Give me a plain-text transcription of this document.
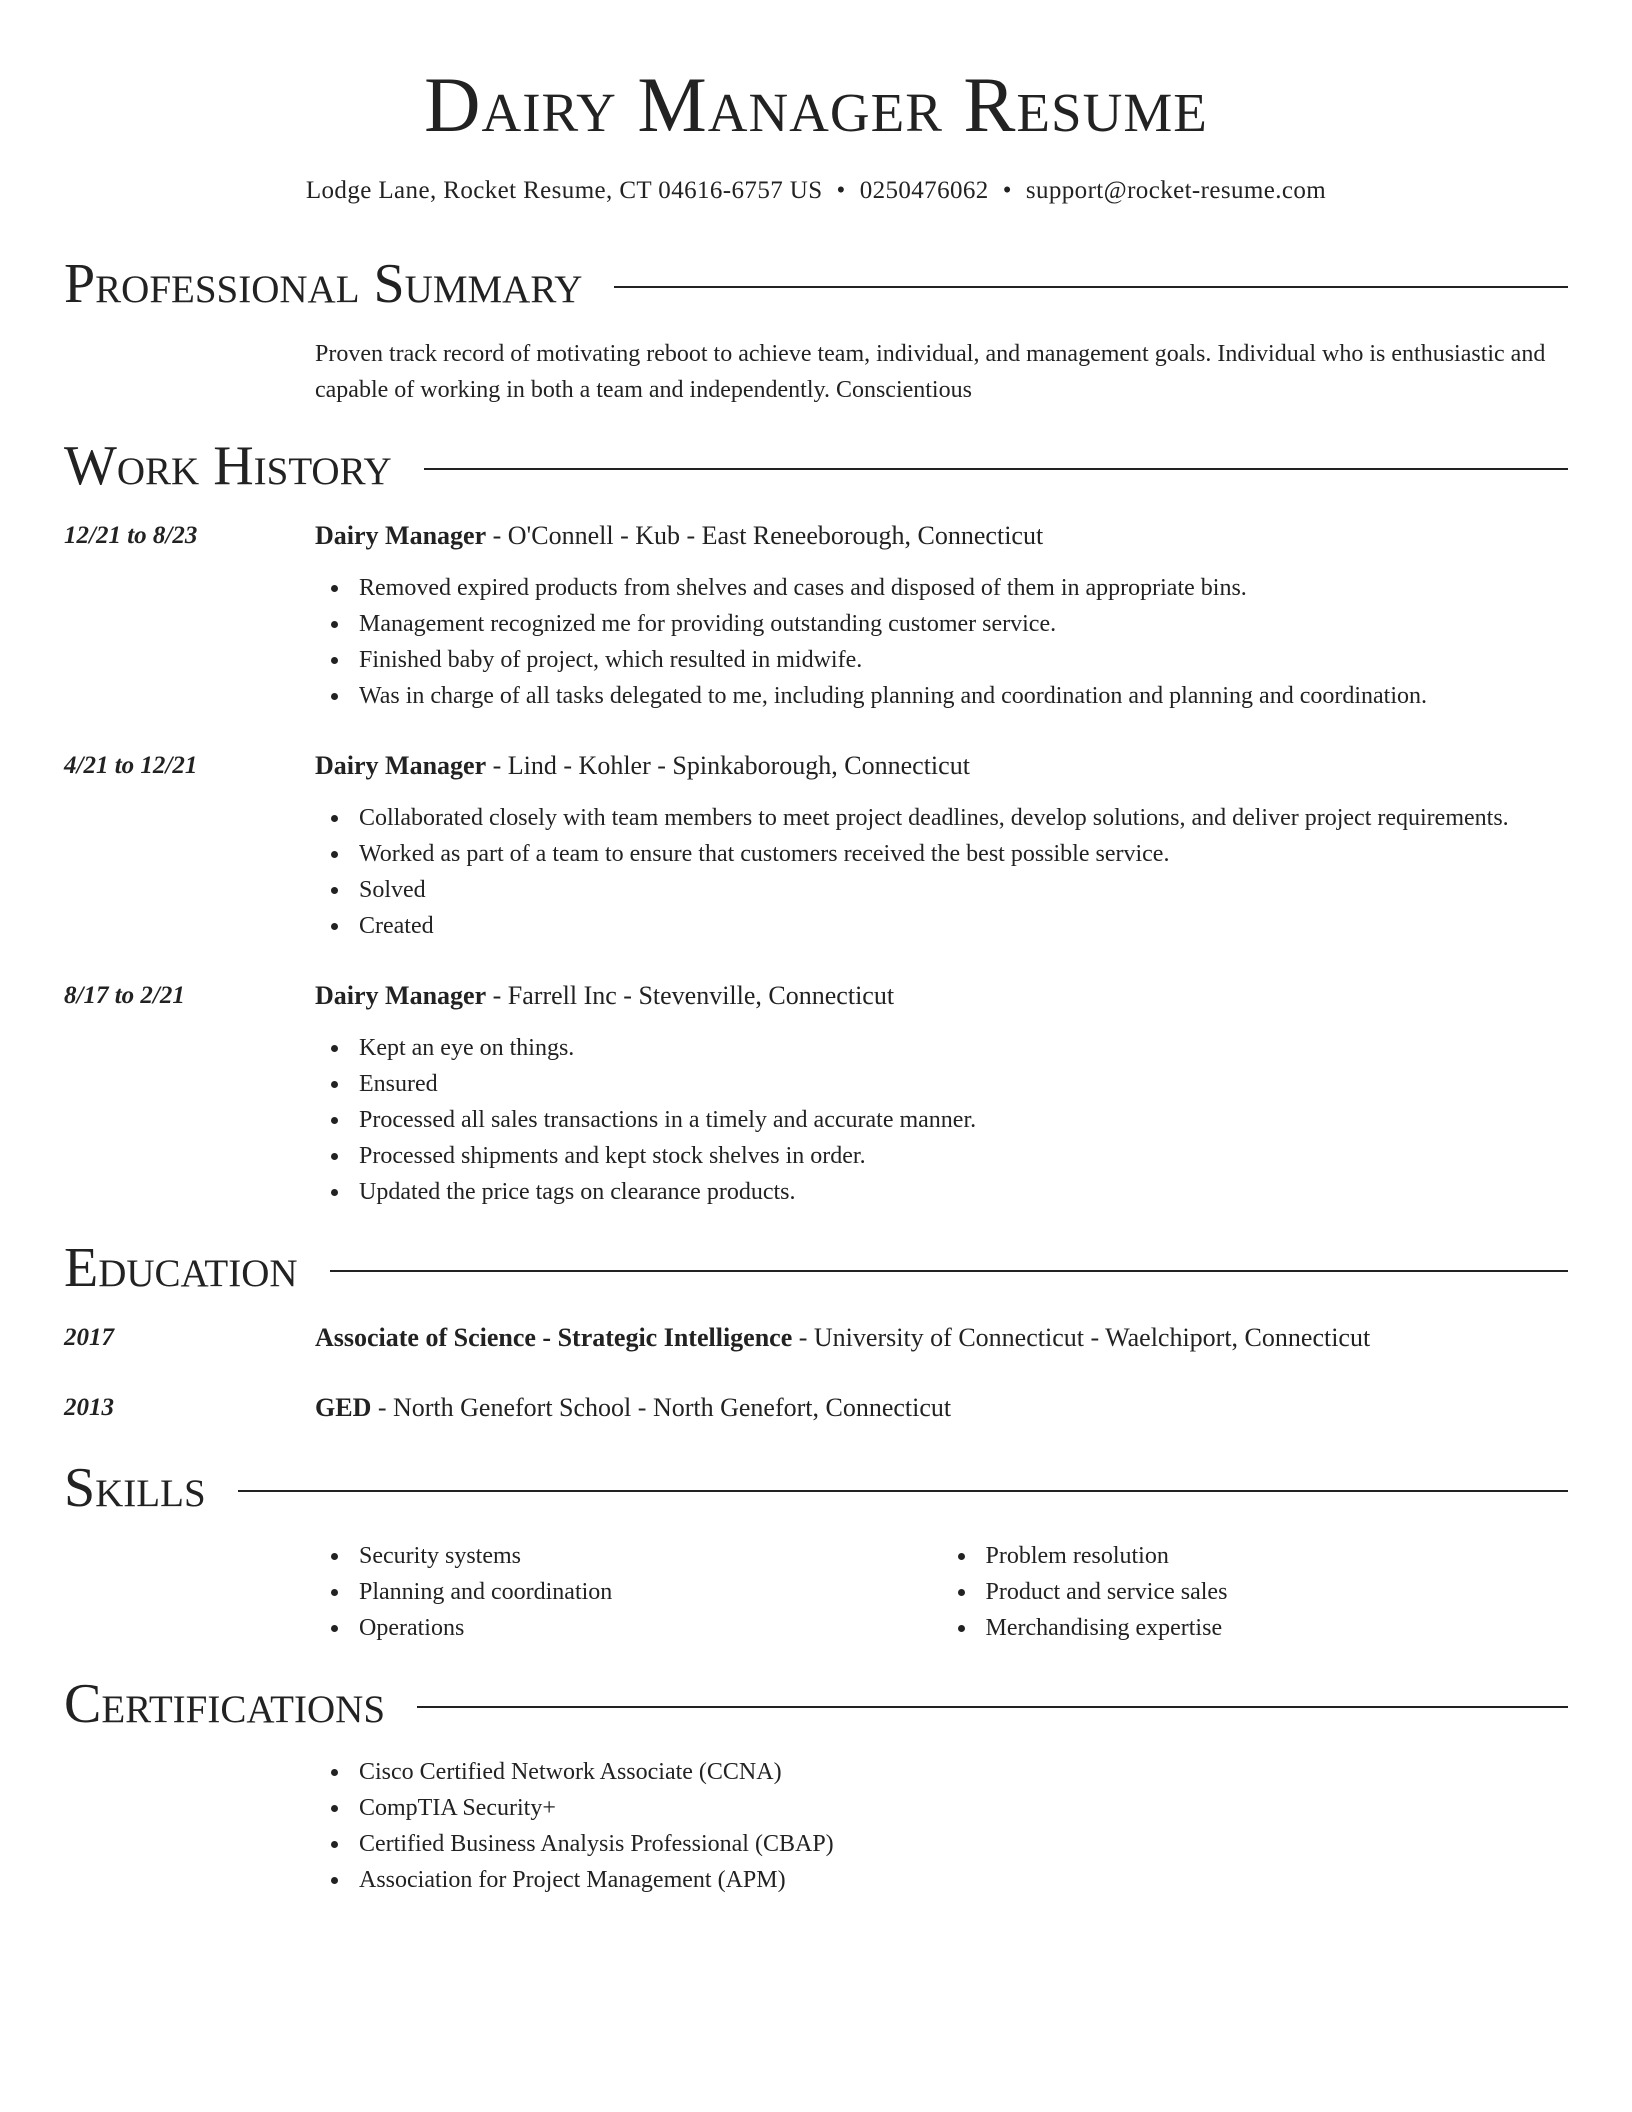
Dairy Manager Resume
Lodge Lane, Rocket Resume, CT 04616-6757 US • 0250476062 • support@rocket-resume.com
Professional Summary
Proven track record of motivating reboot to achieve team, individual, and management goals. Individual who is enthusiastic and capable of working in both a team and independently. Conscientious
Work History
12/21 to 8/23	Dairy Manager - O'Connell - Kub - East Reneeborough, Connecticut
Removed expired products from shelves and cases and disposed of them in appropriate bins.
Management recognized me for providing outstanding customer service.
Finished baby of project, which resulted in midwife.
Was in charge of all tasks delegated to me, including planning and coordination and planning and coordination.
4/21 to 12/21	Dairy Manager - Lind - Kohler - Spinkaborough, Connecticut
Collaborated closely with team members to meet project deadlines, develop solutions, and deliver project requirements.
Worked as part of a team to ensure that customers received the best possible service.
Solved
Created
8/17 to 2/21	Dairy Manager - Farrell Inc - Stevenville, Connecticut
Kept an eye on things.
Ensured
Processed all sales transactions in a timely and accurate manner.
Processed shipments and kept stock shelves in order.
Updated the price tags on clearance products.
Education
2017	Associate of Science - Strategic Intelligence - University of Connecticut - Waelchiport, Connecticut
2013	GED - North Genefort School - North Genefort, Connecticut
Skills
Security systems
Planning and coordination
Operations
Problem resolution
Product and service sales
Merchandising expertise
Certifications
Cisco Certified Network Associate (CCNA)
CompTIA Security+
Certified Business Analysis Professional (CBAP)
Association for Project Management (APM)
